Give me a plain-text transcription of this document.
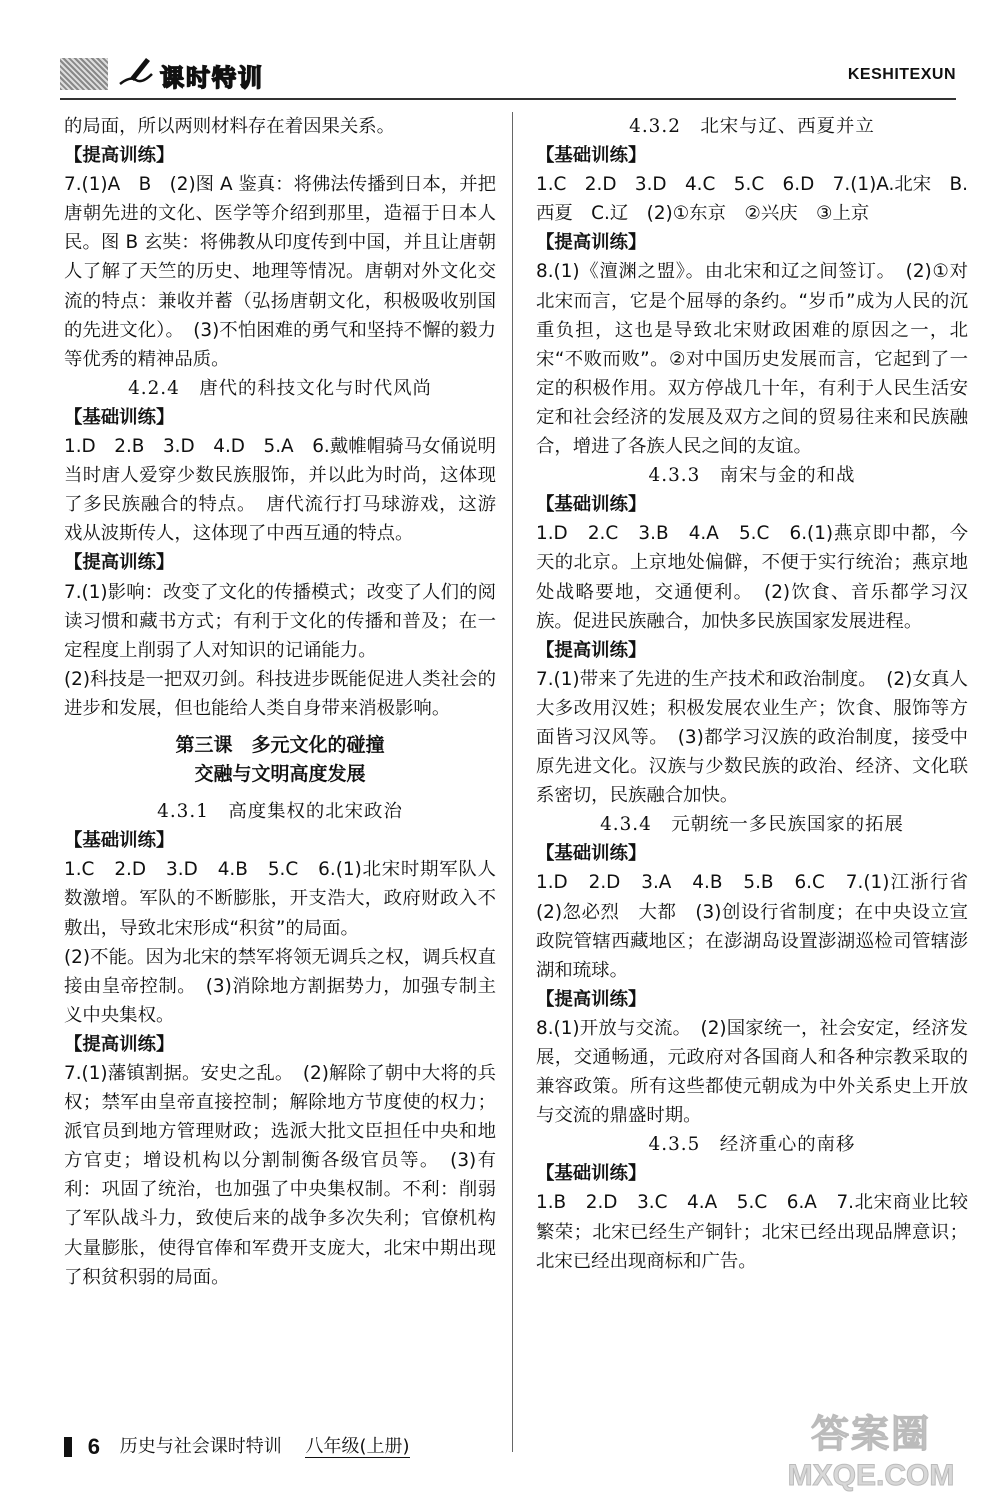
课时特训	KESHITEXUN

的局面，所以两则材料存在着因果关系。

【提高训练】

7.(1)A　B　(2)图 A 鉴真：将佛法传播到日本，并把唐朝先进的文化、医学等介绍到那里，造福于日本人民。图 B 玄奘：将佛教从印度传到中国，并且让唐朝人了解了天竺的历史、地理等情况。唐朝对外文化交流的特点：兼收并蓄（弘扬唐朝文化，积极吸收别国的先进文化）。　(3)不怕困难的勇气和坚持不懈的毅力等优秀的精神品质。

4.2.4　唐代的科技文化与时代风尚

【基础训练】

1.D　2.B　3.D　4.D　5.A　6.戴帷帽骑马女俑说明当时唐人爱穿少数民族服饰，并以此为时尚，这体现了多民族融合的特点。　唐代流行打马球游戏，这游戏从波斯传人，这体现了中西互通的特点。

【提高训练】

7.(1)影响：改变了文化的传播模式；改变了人们的阅读习惯和藏书方式；有利于文化的传播和普及；在一定程度上削弱了人对知识的记诵能力。

(2)科技是一把双刃剑。科技进步既能促进人类社会的进步和发展，但也能给人类自身带来消极影响。

第三课　多元文化的碰撞

交融与文明高度发展

4.3.1　高度集权的北宋政治

【基础训练】

1.C　2.D　3.D　4.B　5.C　6.(1)北宋时期军队人数激增。军队的不断膨胀，开支浩大，政府财政入不敷出，导致北宋形成“积贫”的局面。

(2)不能。因为北宋的禁军将领无调兵之权，调兵权直接由皇帝控制。　(3)消除地方割据势力，加强专制主义中央集权。

【提高训练】

7.(1)藩镇割据。安史之乱。　(2)解除了朝中大将的兵权；禁军由皇帝直接控制；解除地方节度使的权力；派官员到地方管理财政；选派大批文臣担任中央和地方官吏；增设机构以分割制衡各级官员等。　(3)有利：巩固了统治，也加强了中央集权制。不利：削弱了军队战斗力，致使后来的战争多次失利；官僚机构大量膨胀，使得官俸和军费开支庞大，北宋中期出现了积贫积弱的局面。

4.3.2　北宋与辽、西夏并立

【基础训练】

1.C　2.D　3.D　4.C　5.C　6.D　7.(1)A.北宋　B.西夏　C.辽　(2)①东京　②兴庆　③上京

【提高训练】

8.(1)《澶渊之盟》。由北宋和辽之间签订。　(2)①对北宋而言，它是个屈辱的条约。“岁币”成为人民的沉重负担，这也是导致北宋财政困难的原因之一，北宋“不败而败”。②对中国历史发展而言，它起到了一定的积极作用。双方停战几十年，有利于人民生活安定和社会经济的发展及双方之间的贸易往来和民族融合，增进了各族人民之间的友谊。

4.3.3　南宋与金的和战

【基础训练】

1.D　2.C　3.B　4.A　5.C　6.(1)燕京即中都，今天的北京。上京地处偏僻，不便于实行统治；燕京地处战略要地，交通便利。　(2)饮食、音乐都学习汉族。促进民族融合，加快多民族国家发展进程。

【提高训练】

7.(1)带来了先进的生产技术和政治制度。　(2)女真人大多改用汉姓；积极发展农业生产；饮食、服饰等方面皆习汉风等。　(3)都学习汉族的政治制度，接受中原先进文化。汉族与少数民族的政治、经济、文化联系密切，民族融合加快。

4.3.4　元朝统一多民族国家的拓展

【基础训练】

1.D　2.D　3.A　4.B　5.B　6.C　7.(1)江浙行省　(2)忽必烈　大都　(3)创设行省制度；在中央设立宣政院管辖西藏地区；在澎湖岛设置澎湖巡检司管辖澎湖和琉球。

【提高训练】

8.(1)开放与交流。　(2)国家统一，社会安定，经济发展，交通畅通，元政府对各国商人和各种宗教采取的兼容政策。所有这些都使元朝成为中外关系史上开放与交流的鼎盛时期。

4.3.5　经济重心的南移

【基础训练】

1.B　2.D　3.C　4.A　5.C　6.A　7.北宋商业比较繁荣；北宋已经生产铜针；北宋已经出现品牌意识；北宋已经出现商标和广告。

6 历史与社会课时特训 八年级(上册)	答案圈
MXQE.COM
